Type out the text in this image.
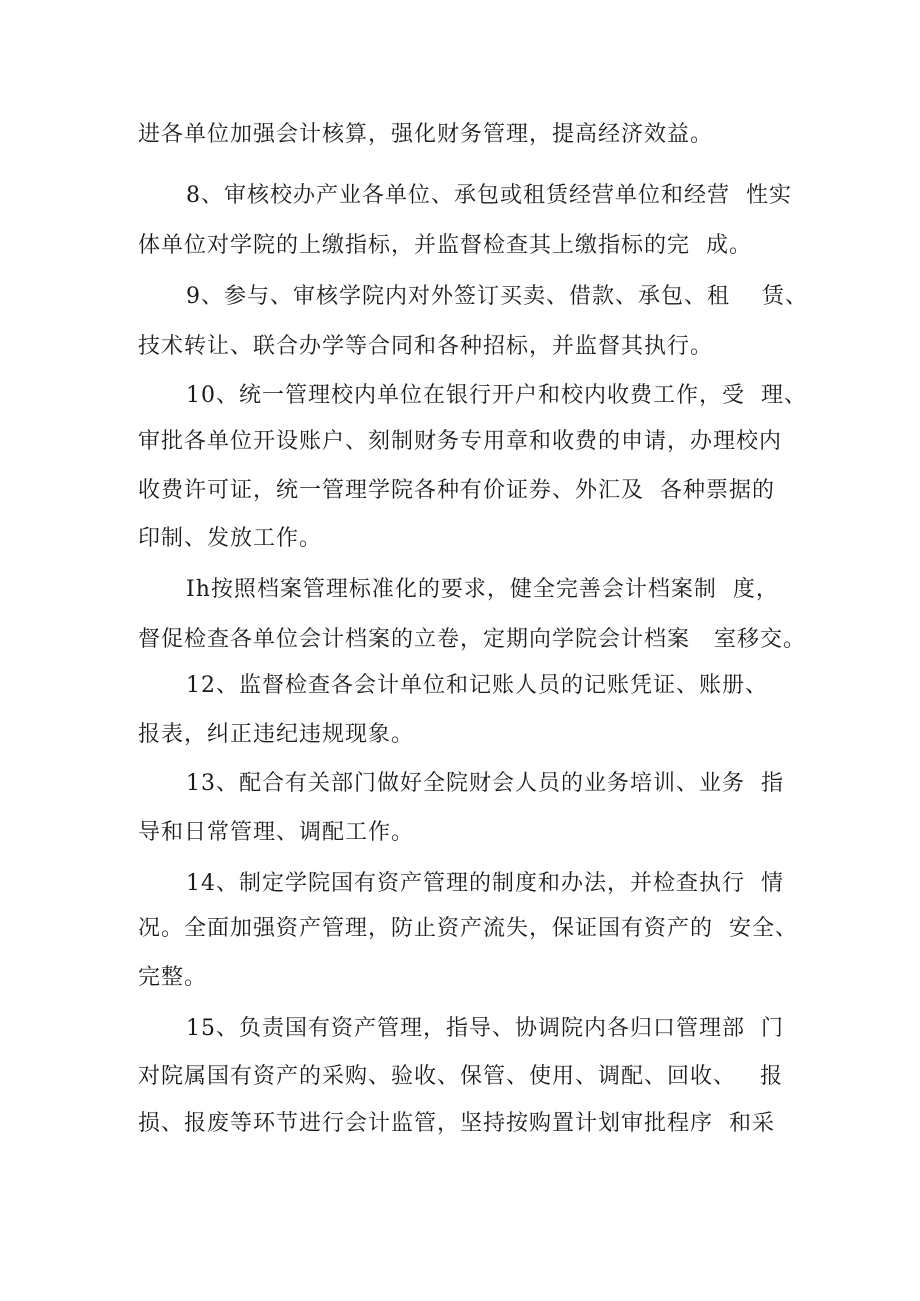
进各单位加强会计核算，强化财务管理，提高经济效益。
8、审核校办产业各单位、承包或租赁经营单位和经营  性实
体单位对学院的上缴指标，并监督检查其上缴指标的完  成。
9、参与、审核学院内对外签订买卖、借款、承包、租    赁、
技术转让、联合办学等合同和各种招标，并监督其执行。
10、统一管理校内单位在银行开户和校内收费工作，受  理、
审批各单位开设账户、刻制财务专用章和收费的申请，办理校内
收费许可证，统一管理学院各种有价证券、外汇及  各种票据的
印制、发放工作。
Ih按照档案管理标准化的要求，健全完善会计档案制  度，
督促检查各单位会计档案的立卷，定期向学院会计档案   室移交。
12、监督检查各会计单位和记账人员的记账凭证、账册、
报表，纠正违纪违规现象。
13、配合有关部门做好全院财会人员的业务培训、业务  指
导和日常管理、调配工作。
14、制定学院国有资产管理的制度和办法，并检查执行  情
况。全面加强资产管理，防止资产流失，保证国有资产的  安全、
完整。
15、负责国有资产管理，指导、协调院内各归口管理部  门
对院属国有资产的采购、验收、保管、使用、调配、回收、   报
损、报废等环节进行会计监管，坚持按购置计划审批程序  和采
